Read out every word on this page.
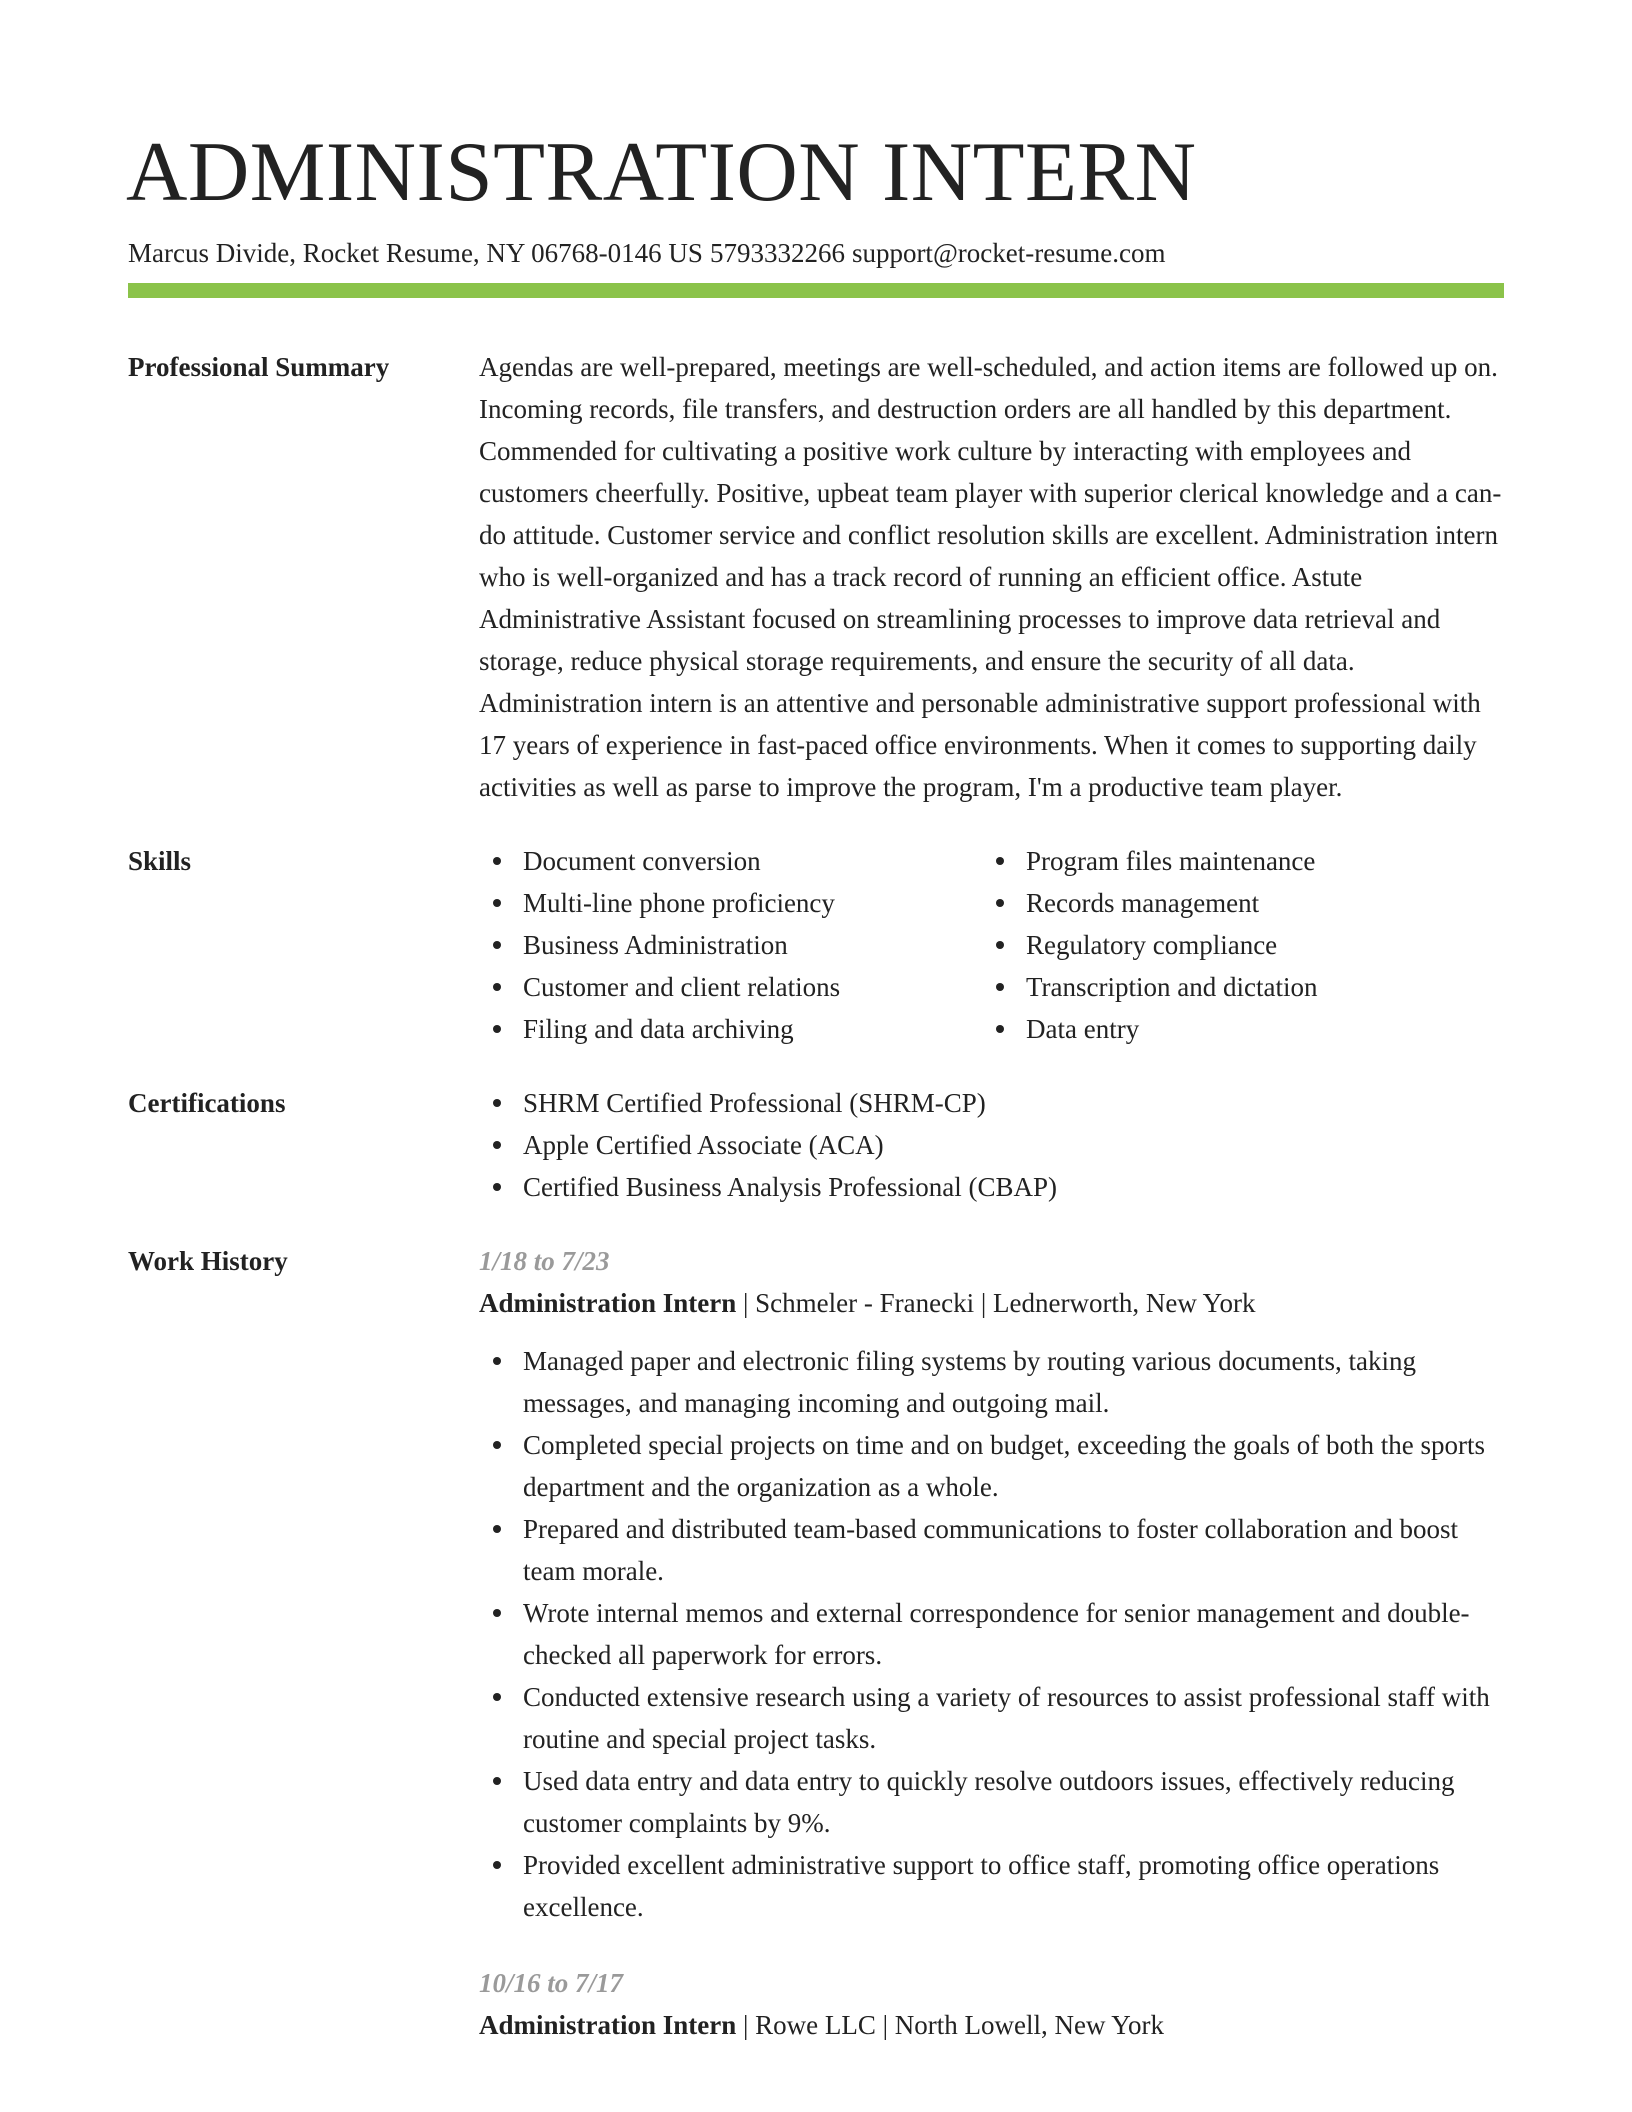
ADMINISTRATION INTERN
Marcus Divide, Rocket Resume, NY 06768-0146 US 5793332266 support@rocket-resume.com
Professional Summary	Agendas are well-prepared, meetings are well-scheduled, and action items are followed up on. Incoming records, file transfers, and destruction orders are all handled by this department. Commended for cultivating a positive work culture by interacting with employees and customers cheerfully. Positive, upbeat team player with superior clerical knowledge and a can-do attitude. Customer service and conflict resolution skills are excellent. Administration intern who is well-organized and has a track record of running an efficient office. Astute Administrative Assistant focused on streamlining processes to improve data retrieval and storage, reduce physical storage requirements, and ensure the security of all data. Administration intern is an attentive and personable administrative support professional with 17 years of experience in fast-paced office environments. When it comes to supporting daily activities as well as parse to improve the program, I'm a productive team player.

Skills	Document conversion
Multi-line phone proficiency
Business Administration
Customer and client relations
Filing and data archiving
Program files maintenance
Records management
Regulatory compliance
Transcription and dictation
Data entry
Certifications	SHRM Certified Professional (SHRM-CP)
Apple Certified Associate (ACA)
Certified Business Analysis Professional (CBAP)
Work History	1/18 to 7/23
Administration Intern | Schmeler - Franecki | Lednerworth, New York
Managed paper and electronic filing systems by routing various documents, taking messages, and managing incoming and outgoing mail.
Completed special projects on time and on budget, exceeding the goals of both the sports department and the organization as a whole.
Prepared and distributed team-based communications to foster collaboration and boost team morale.
Wrote internal memos and external correspondence for senior management and double-checked all paperwork for errors.
Conducted extensive research using a variety of resources to assist professional staff with routine and special project tasks.
Used data entry and data entry to quickly resolve outdoors issues, effectively reducing customer complaints by 9%.
Provided excellent administrative support to office staff, promoting office operations excellence.
10/16 to 7/17
Administration Intern | Rowe LLC | North Lowell, New York
